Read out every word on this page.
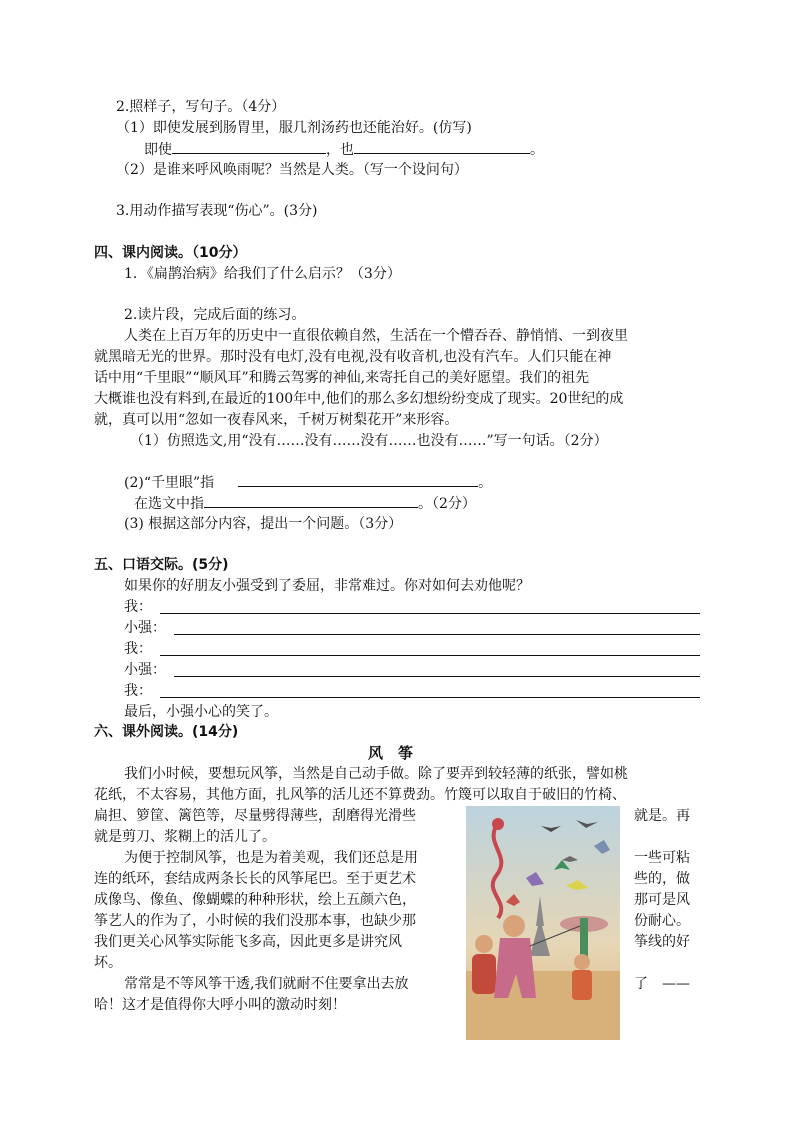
2.照样子，写句子。（4分）
（1）即使发展到肠胃里，服几剂汤药也还能治好。(仿写)
即使	，也	。
（2）是谁来呼风唤雨呢？当然是人类。（写一个设问句）
3.用动作描写表现“伤心”。(3分)
四、课内阅读。（10分）
1．《扁鹊治病》给我们了什么启示？（3分）
2.读片段，完成后面的练习。
人类在上百万年的历史中一直很依赖自然，生活在一个懵吞吞、静悄悄、一到夜里
就黑暗无光的世界。那时没有电灯,没有电视,没有收音机,也没有汽车。人们只能在神
话中用“千里眼”“顺风耳”和腾云驾雾的神仙,来寄托自己的美好愿望。我们的祖先
大概谁也没有料到,在最近的100年中,他们的那么多幻想纷纷变成了现实。20世纪的成
就，真可以用“忽如一夜春风来，千树万树梨花开”来形容。
（1）仿照选文,用“没有……没有……没有……也没有……”写一句话。（2分）
(2)“千里眼”指	。
在选文中指	。（2分）
(3) 根据这部分内容，提出一个问题。（3分）
五、口语交际。(5分)
如果你的好朋友小强受到了委屈，非常难过。你对如何去劝他呢？
我：
小强：
我：
小强：
我：
最后，小强小心的笑了。
六、课外阅读。(14分)
风　筝
我们小时候，要想玩风筝，当然是自己动手做。除了要弄到较轻薄的纸张，譬如桃
花纸，不太容易，其他方面，扎风筝的活儿还不算费劲。竹篾可以取自于破旧的竹椅、
扁担、箩筐、篱笆等，尽量劈得薄些，刮磨得光滑些	就是。再
就是剪刀、浆糊上的活儿了。
为便于控制风筝，也是为着美观，我们还总是用	一些可粘
连的纸环，套结成两条长长的风筝尾巴。至于更艺术	些的，做
成像鸟、像鱼、像蝴蝶的种种形状，绘上五颜六色，	那可是风
筝艺人的作为了，小时候的我们没那本事，也缺少那	份耐心。
我们更关心风筝实际能飞多高，因此更多是讲究风	筝线的好
坏。
常常是不等风筝干透,我们就耐不住要拿出去放	了　——
哈！这才是值得你大呼小叫的激动时刻！
